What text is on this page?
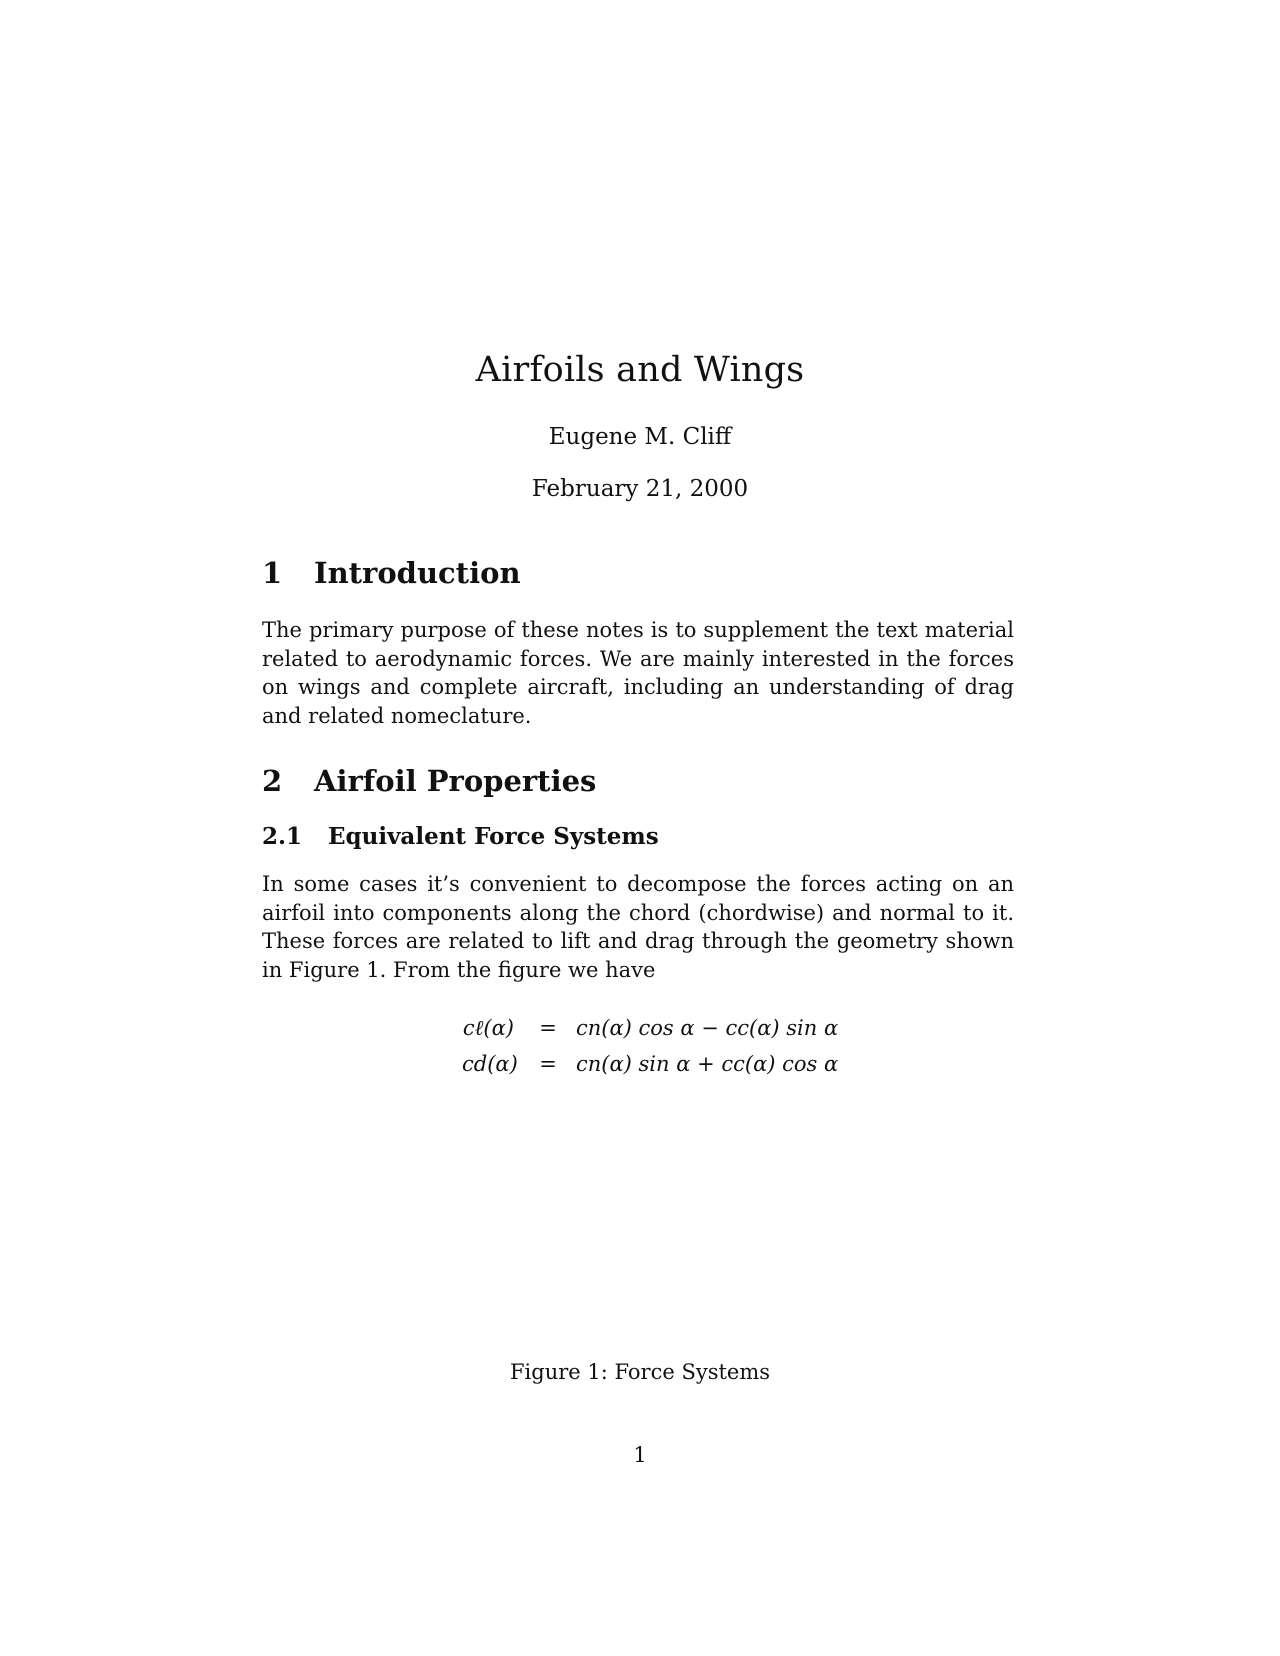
Airfoils and Wings
Eugene M. Cliff
February 21, 2000
1 Introduction

The primary purpose of these notes is to supplement the text material related to aerodynamic forces. We are mainly interested in the forces on wings and complete aircraft, including an understanding of drag and related nomeclature.

2 Airfoil Properties
2.1 Equivalent Force Systems

In some cases it’s convenient to decompose the forces acting on an airfoil into components along the chord (chordwise) and normal to it. These forces are related to lift and drag through the geometry shown in Figure 1. From the figure we have

cℓ(α) = cn(α) cos α − cc(α) sin α
cd(α) = cn(α) sin α + cc(α) cos α
Figure 1: Force Systems
1
